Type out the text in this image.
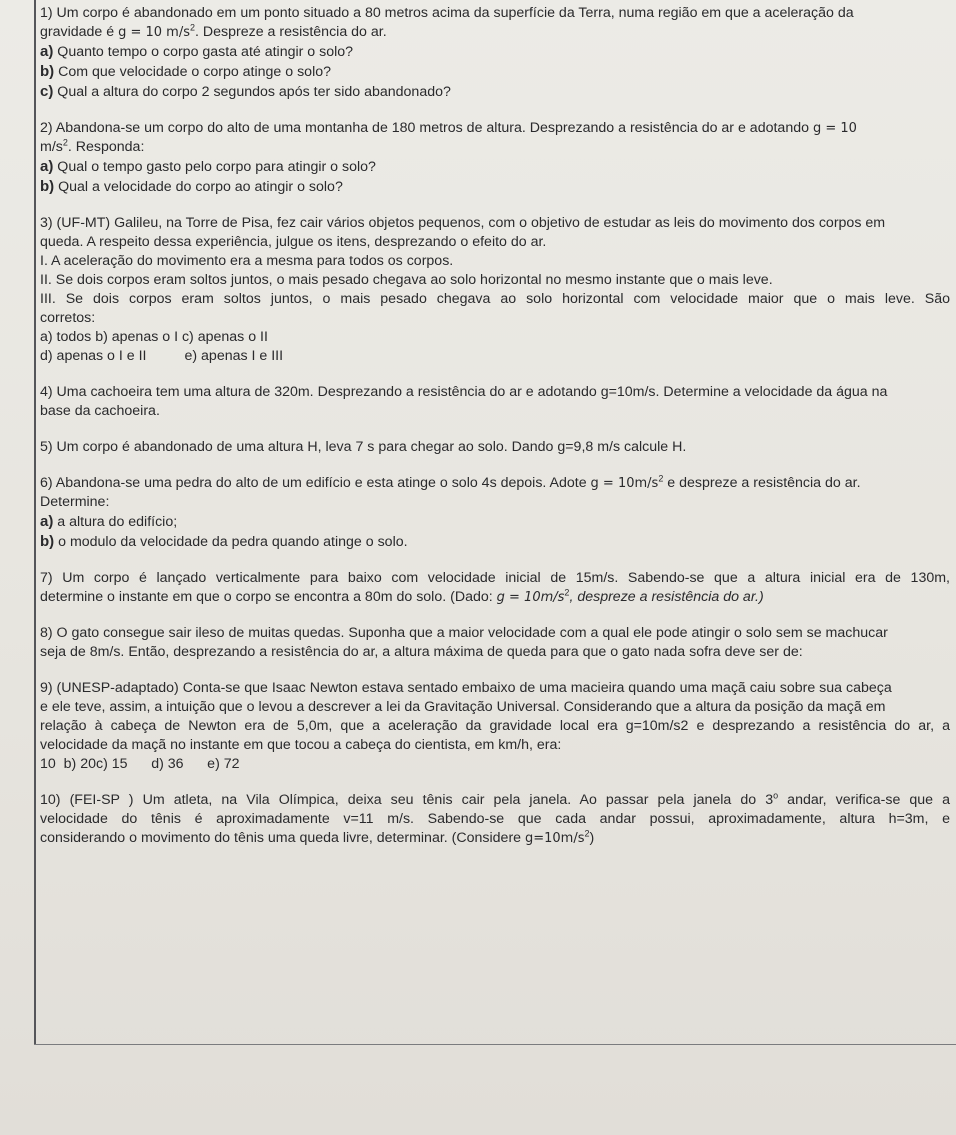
1) Um corpo é abandonado em um ponto situado a 80 metros acima da superfície da Terra, numa região em que a aceleração da

gravidade é g = 10 $m/s^2$. Despreze a resistência do ar.

a) Quanto tempo o corpo gasta até atingir o solo?

b) Com que velocidade o corpo atinge o solo?

c) Qual a altura do corpo 2 segundos após ter sido abandonado?

2) Abandona-se um corpo do alto de uma montanha de 180 metros de altura. Desprezando a resistência do ar e adotando g = 10

$m/s^2$. Responda:

a) Qual o tempo gasto pelo corpo para atingir o solo?

b) Qual a velocidade do corpo ao atingir o solo?

3) (UF-MT) Galileu, na Torre de Pisa, fez cair vários objetos pequenos, com o objetivo de estudar as leis do movimento dos corpos em

queda. A respeito dessa experiência, julgue os itens, desprezando o efeito do ar.

I. A aceleração do movimento era a mesma para todos os corpos.

II. Se dois corpos eram soltos juntos, o mais pesado chegava ao solo horizontal no mesmo instante que o mais leve.

III. Se dois corpos eram soltos juntos, o mais pesado chegava ao solo horizontal com velocidade maior que o mais leve. São

corretos:

a) todos b) apenas o I c) apenas o II

d) apenas o I e II	e) apenas I e III

4) Uma cachoeira tem uma altura de 320m. Desprezando a resistência do ar e adotando g=10m/s. Determine a velocidade da água na

base da cachoeira.

5) Um corpo é abandonado de uma altura H, leva 7 s para chegar ao solo. Dando g=9,8 m/s calcule H.

6) Abandona-se uma pedra do alto de um edifício e esta atinge o solo 4s depois. Adote $g = 10m/s^2$ e despreze a resistência do ar.

Determine:

a) a altura do edifício;

b) o modulo da velocidade da pedra quando atinge o solo.

7) Um corpo é lançado verticalmente para baixo com velocidade inicial de 15m/s. Sabendo-se que a altura inicial era de 130m,

determine o instante em que o corpo se encontra a 80m do solo. (Dado: $g = 10m/s^2$, despreze a resistência do ar.)

8) O gato consegue sair ileso de muitas quedas. Suponha que a maior velocidade com a qual ele pode atingir o solo sem se machucar

seja de 8m/s. Então, desprezando a resistência do ar, a altura máxima de queda para que o gato nada sofra deve ser de:

9) (UNESP-adaptado) Conta-se que Isaac Newton estava sentado embaixo de uma macieira quando uma maçã caiu sobre sua cabeça

e ele teve, assim, a intuição que o levou a descrever a lei da Gravitação Universal. Considerando que a altura da posição da maçã em

relação à cabeça de Newton era de 5,0m, que a aceleração da gravidade local era g=10m/s2 e desprezando a resistência do ar, a

velocidade da maçã no instante em que tocou a cabeça do cientista, em km/h, era:

10  b) 20c) 15      d) 36      e) 72

10) (FEI-SP ) Um atleta, na Vila Olímpica, deixa seu tênis cair pela janela. Ao passar pela janela do 3$^o$ andar, verifica-se que a

velocidade do tênis é aproximadamente v=11 m/s. Sabendo-se que cada andar possui, aproximadamente, altura h=3m, e

considerando o movimento do tênis uma queda livre, determinar. (Considere $g=10m/s^2$)
